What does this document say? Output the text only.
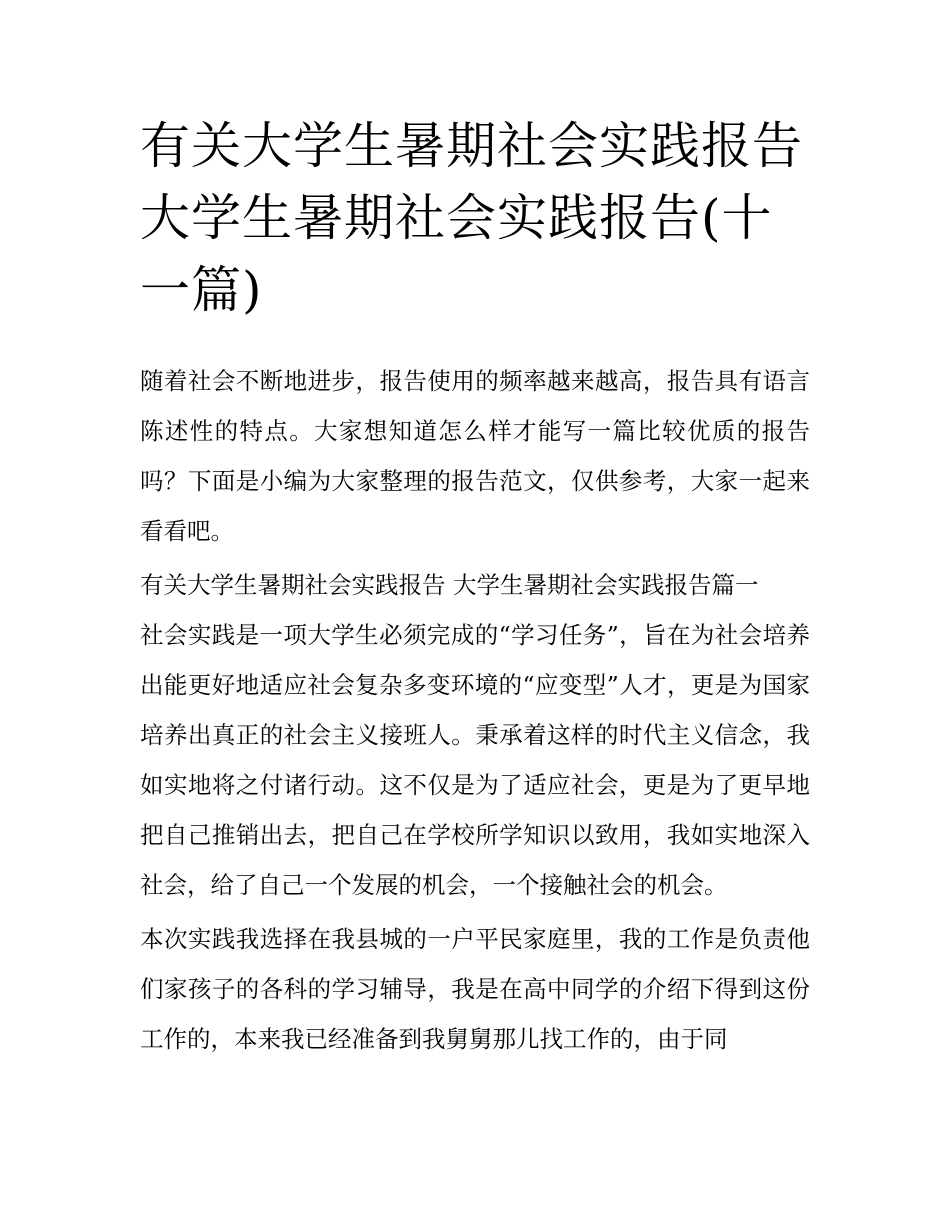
有关大学生暑期社会实践报告 大学生暑期社会实践报告(十一篇)

随着社会不断地进步，报告使用的频率越来越高，报告具有语言陈述性的特点。大家想知道怎么样才能写一篇比较优质的报告吗？下面是小编为大家整理的报告范文，仅供参考，大家一起来看看吧。

有关大学生暑期社会实践报告 大学生暑期社会实践报告篇一

社会实践是一项大学生必须完成的“学习任务”，旨在为社会培养出能更好地适应社会复杂多变环境的“应变型”人才，更是为国家培养出真正的社会主义接班人。秉承着这样的时代主义信念，我如实地将之付诸行动。这不仅是为了适应社会，更是为了更早地把自己推销出去，把自己在学校所学知识以致用，我如实地深入社会，给了自己一个发展的机会，一个接触社会的机会。

本次实践我选择在我县城的一户平民家庭里，我的工作是负责他们家孩子的各科的学习辅导，我是在高中同学的介绍下得到这份工作的，本来我已经准备到我舅舅那儿找工作的，由于同
